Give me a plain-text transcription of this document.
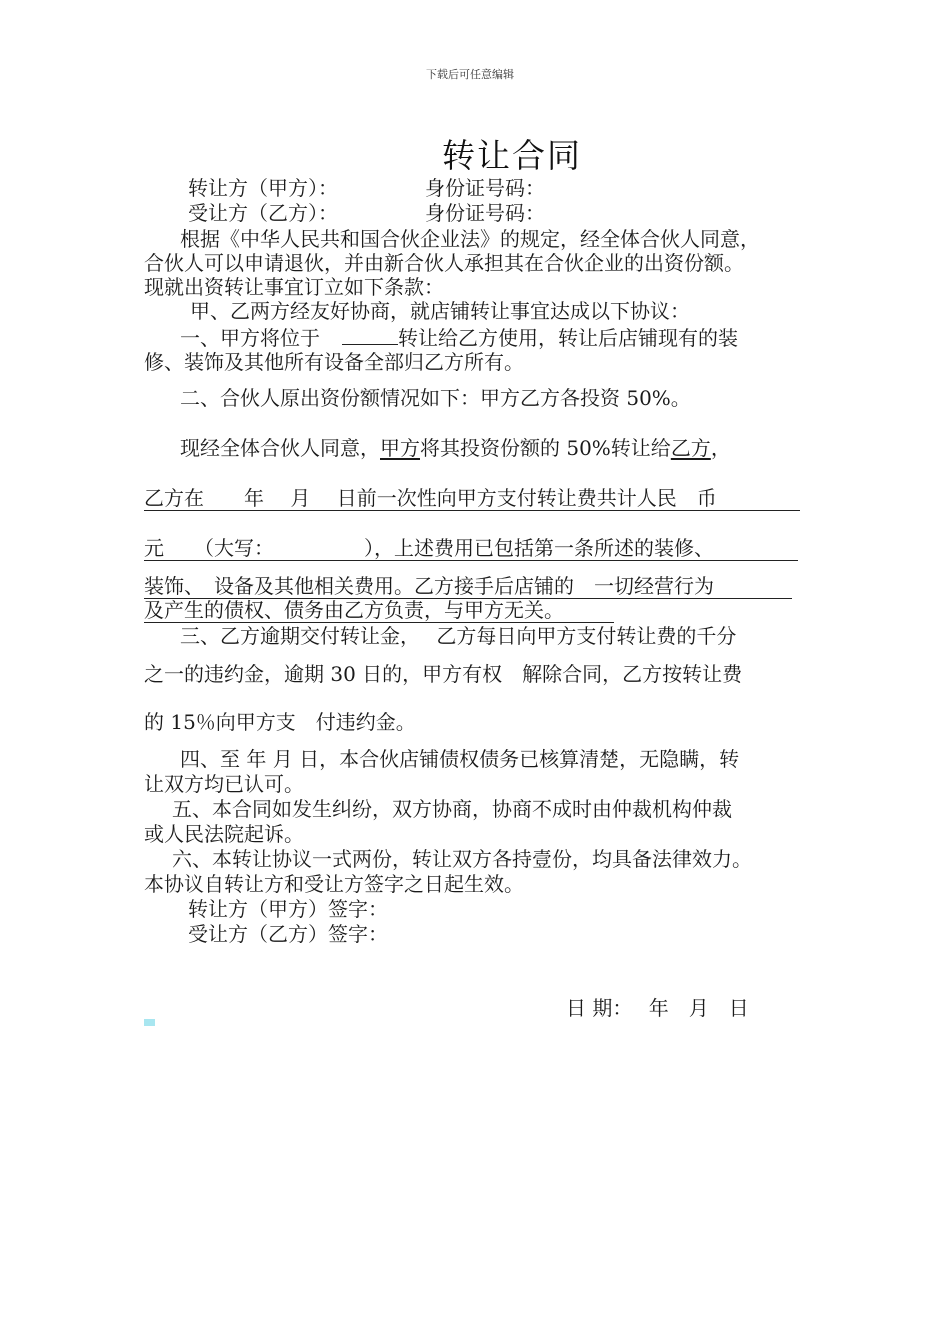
下载后可任意编辑
转让合同
转让方（甲方）：	身份证号码：
受让方（乙方）：	身份证号码：
根据《中华人民共和国合伙企业法》的规定，经全体合伙人同意，
合伙人可以申请退伙，并由新合伙人承担其在合伙企业的出资份额。
现就出资转让事宜订立如下条款：
甲、乙两方经友好协商，就店铺转让事宜达成以下协议：
一、甲方将位于	转让给乙方使用，转让后店铺现有的装
修、装饰及其他所有设备全部归乙方所有。
二、合伙人原出资份额情况如下：甲方乙方各投资 50%。
现经全体合伙人同意，甲方将其投资份额的 50%转让给乙方，
乙方在　　年　 月　 日前一次性向甲方支付转让费共计人民　币　
元　　（大写：　　　　　），上述费用已包括第一条所述的装修、
装饰、　设备及其他相关费用。乙方接手后店铺的　一切经营行为
及产生的债权、债务由乙方负责，与甲方无关。
三、乙方逾期交付转让金，　 乙方每日向甲方支付转让费的千分
之一的违约金，逾期 30 日的，甲方有权　解除合同，乙方按转让费
的 15％向甲方支　付违约金。
四、至 年 月 日，本合伙店铺债权债务已核算清楚，无隐瞒，转
让双方均已认可。
五、本合同如发生纠纷，双方协商，协商不成时由仲裁机构仲裁
或人民法院起诉。
六、本转让协议一式两份，转让双方各持壹份，均具备法律效力。
本协议自转让方和受让方签字之日起生效。
转让方（甲方）签字：
受让方（乙方）签字：
日 期：　 年　月　日
